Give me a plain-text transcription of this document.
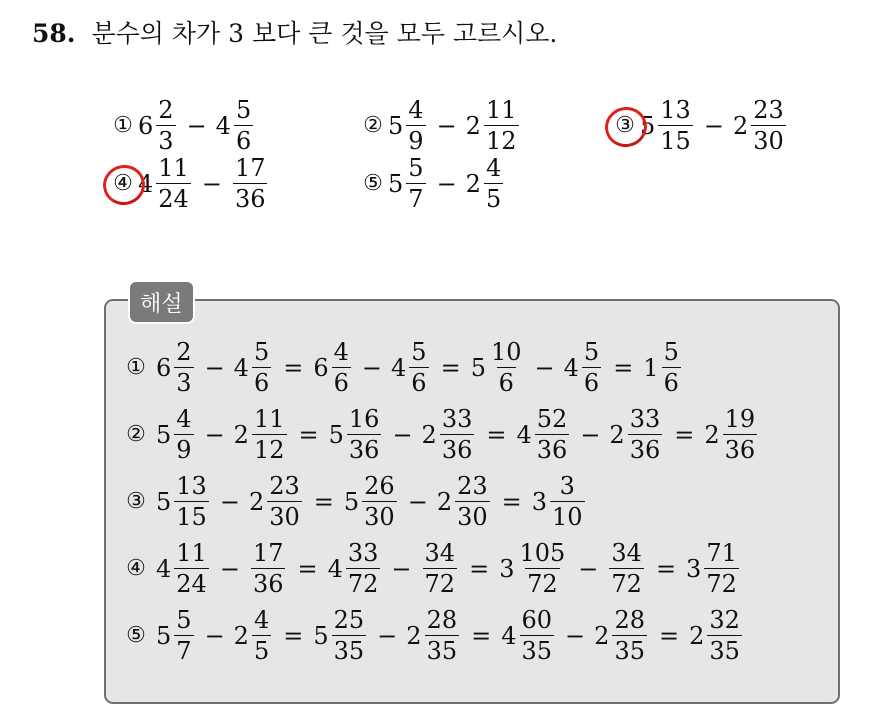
58. 분수의 차가 3 보다 큰 것을 모두 고르시오.
① $6 \frac{2}{3} - 4 \frac{5}{6}$	② $5 \frac{4}{9} - 2 \frac{11}{12}$	③ $5 \frac{13}{15} - 2 \frac{23}{30}$
④ $4 \frac{11}{24} - \frac{17}{36}$	⑤ $5 \frac{5}{7} - 2 \frac{4}{5}$
해설
① $6 \frac{2}{3} - 4 \frac{5}{6} = 6 \frac{4}{6} - 4 \frac{5}{6} = 5 \frac{10}{6} - 4 \frac{5}{6} = 1 \frac{5}{6}$
② $5 \frac{4}{9} - 2 \frac{11}{12} = 5 \frac{16}{36} - 2 \frac{33}{36} = 4 \frac{52}{36} - 2 \frac{33}{36} = 2 \frac{19}{36}$
③ $5 \frac{13}{15} - 2 \frac{23}{30} = 5 \frac{26}{30} - 2 \frac{23}{30} = 3 \frac{3}{10}$
④ $4 \frac{11}{24} - \frac{17}{36} = 4 \frac{33}{72} - \frac{34}{72} = 3 \frac{105}{72} - \frac{34}{72} = 3 \frac{71}{72}$
⑤ $5 \frac{5}{7} - 2 \frac{4}{5} = 5 \frac{25}{35} - 2 \frac{28}{35} = 4 \frac{60}{35} - 2 \frac{28}{35} = 2 \frac{32}{35}$
